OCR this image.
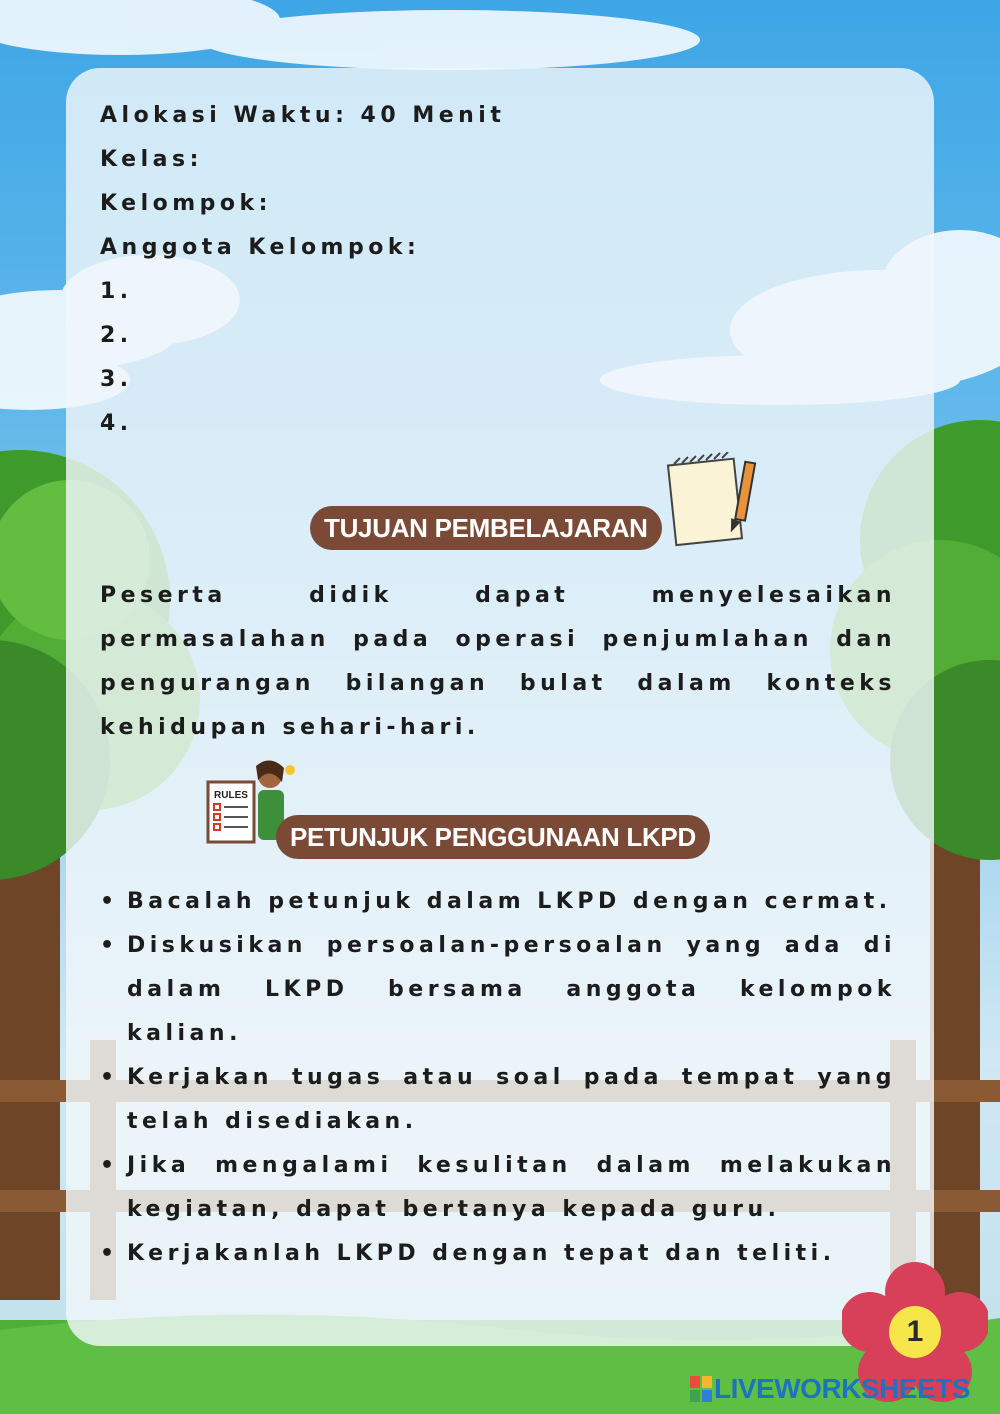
Alokasi Waktu: 40 Menit
Kelas:
Kelompok:
Anggota Kelompok:
1.
2.
3.
4.
TUJUAN PEMBELAJARAN
Peserta didik dapat menyelesaikan permasalahan pada operasi penjumlahan dan pengurangan bilangan bulat dalam konteks kehidupan sehari-hari.
RULES
PETUNJUK PENGGUNAAN LKPD
• Bacalah petunjuk dalam LKPD dengan cermat.
• Diskusikan persoalan-persoalan yang ada di dalam LKPD bersama anggota kelompok kalian.
• Kerjakan tugas atau soal pada tempat yang telah disediakan.
• Jika mengalami kesulitan dalam melakukan kegiatan, dapat bertanya kepada guru.
• Kerjakanlah LKPD dengan tepat dan teliti.
1
LIVEWORKSHEETS
